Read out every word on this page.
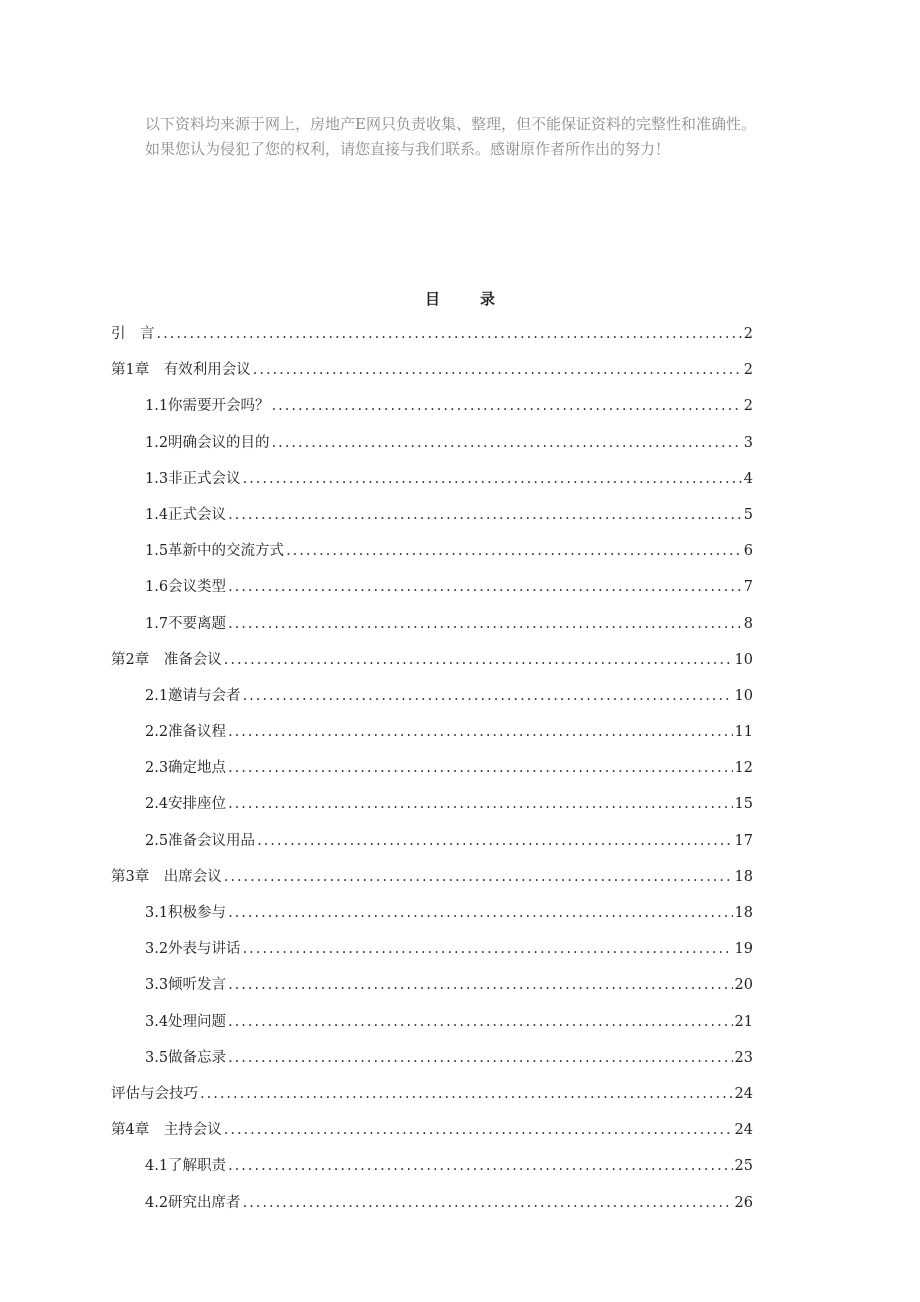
以下资料均来源于网上，房地产E网只负责收集、整理，但不能保证资料的完整性和准确性。
如果您认为侵犯了您的权利，请您直接与我们联系。感谢原作者所作出的努力！
目录
引　言 .....	2
第1章　有效利用会议 .....	2
1.1你需要开会吗？ .....	2
1.2明确会议的目的 .....	3
1.3非正式会议 .....	4
1.4正式会议 .....	5
1.5革新中的交流方式 .....	6
1.6会议类型 .....	7
1.7不要离题 .....	8
第2章　准备会议 .....	10
2.1邀请与会者 .....	10
2.2准备议程 .....	11
2.3确定地点 .....	12
2.4安排座位 .....	15
2.5准备会议用品 .....	17
第3章　出席会议 .....	18
3.1积极参与 .....	18
3.2外表与讲话 .....	19
3.3倾听发言 .....	20
3.4处理问题 .....	21
3.5做备忘录 .....	23
评估与会技巧 .....	24
第4章　主持会议 .....	24
4.1了解职责 .....	25
4.2研究出席者 .....	26
